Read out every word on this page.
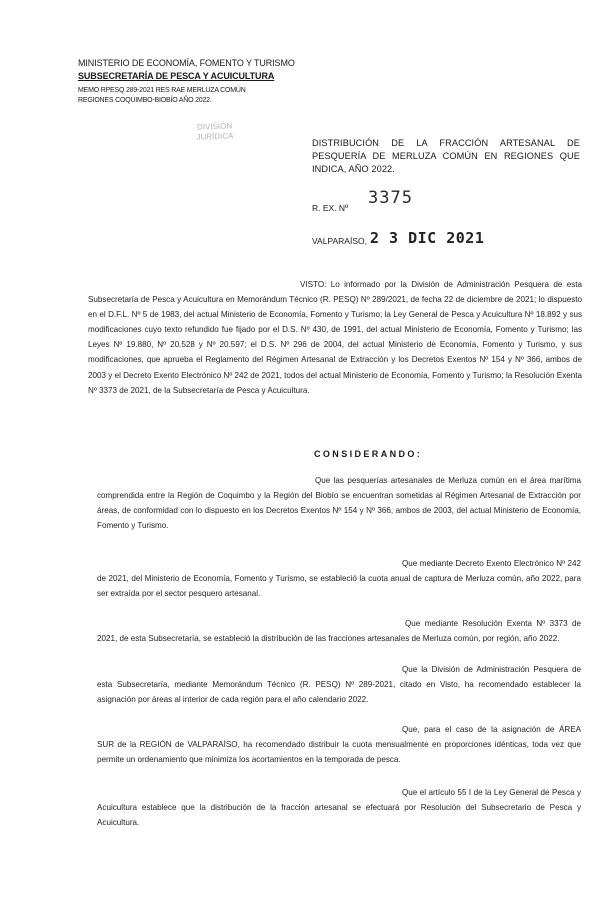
MINISTERIO DE ECONOMÍA, FOMENTO Y TURISMO
SUBSECRETARÍA DE PESCA Y ACUICULTURA
MEMO RPESQ 289-2021 RES RAE MERLUZA COMÚN
REGIONES COQUIMBO-BIOBÍO AÑO 2022.
DIVISIÓN
JURÍDICA
DISTRIBUCIÓN DE LA FRACCIÓN ARTESANAL DE PESQUERÍA DE MERLUZA COMÚN EN REGIONES QUE INDICA, AÑO 2022.
R. EX. Nº 3375
VALPARAÍSO, 2 3 DIC 2021
VISTO: Lo informado por la División de Administración Pesquera de esta Subsecretaría de Pesca y Acuicultura en Memorándum Técnico (R. PESQ) Nº 289/2021, de fecha 22 de diciembre de 2021; lo dispuesto en el D.F.L. Nº 5 de 1983, del actual Ministerio de Economía, Fomento y Turismo; la Ley General de Pesca y Acuicultura Nº 18.892 y sus modificaciones cuyo texto refundido fue fijado por el D.S. Nº 430, de 1991, del actual Ministerio de Economía, Fomento y Turismo; las Leyes Nº 19.880, Nº 20.528 y Nº 20.597; el D.S. Nº 296 de 2004, del actual Ministerio de Economía, Fomento y Turismo, y sus modificaciones, que aprueba el Reglamento del Régimen Artesanal de Extracción y los Decretos Exentos Nº 154 y Nº 366, ambos de 2003 y el Decreto Exento Electrónico Nº 242 de 2021, todos del actual Ministerio de Economía, Fomento y Turismo; la Resolución Exenta Nº 3373 de 2021, de la Subsecretaría de Pesca y Acuicultura.
CONSIDERANDO:
Que las pesquerías artesanales de Merluza común en el área marítima comprendida entre la Región de Coquimbo y la Región del Biobío se encuentran sometidas al Régimen Artesanal de Extracción por áreas, de conformidad con lo dispuesto en los Decretos Exentos Nº 154 y Nº 366, ambos de 2003, del actual Ministerio de Economía, Fomento y Turismo.
Que mediante Decreto Exento Electrónico Nº 242 de 2021, del Ministerio de Economía, Fomento y Turismo, se estableció la cuota anual de captura de Merluza común, año 2022, para ser extraída por el sector pesquero artesanal.
Que mediante Resolución Exenta Nº 3373 de 2021, de esta Subsecretaría, se estableció la distribución de las fracciones artesanales de Merluza común, por región, año 2022.
Que la División de Administración Pesquera de esta Subsecretaría, mediante Memorándum Técnico (R. PESQ) Nº 289-2021, citado en Visto, ha recomendado establecer la asignación por áreas al interior de cada región para el año calendario 2022.
Que, para el caso de la asignación de ÁREA SUR de la REGIÓN de VALPARAÍSO, ha recomendado distribuir la cuota mensualmente en proporciones idénticas, toda vez que permite un ordenamiento que minimiza los acortamientos en la temporada de pesca.
Que el artículo 55 I de la Ley General de Pesca y Acuicultura establece que la distribución de la fracción artesanal se efectuará por Resolución del Subsecretario de Pesca y Acuicultura.
